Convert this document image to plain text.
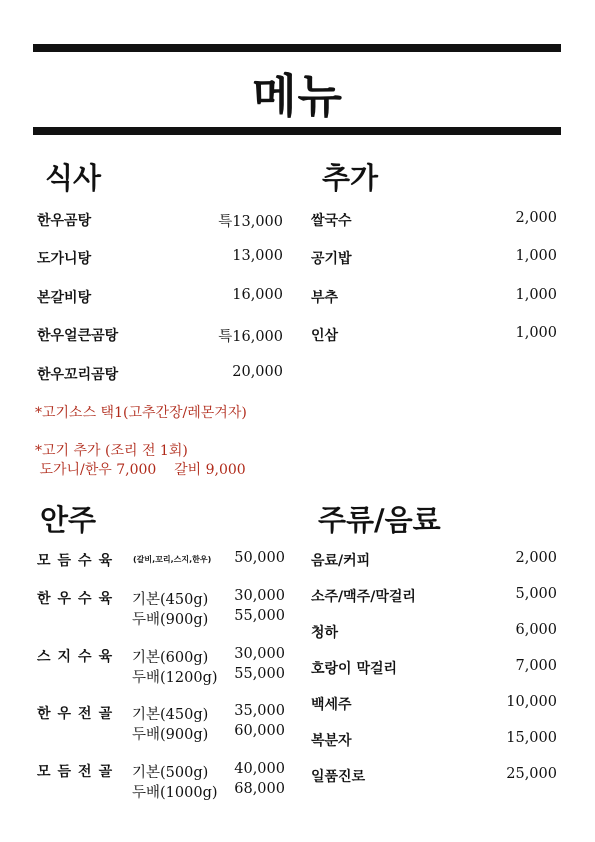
메뉴
식사
한우곰탕	특13,000
도가니탕	13,000
본갈비탕	16,000
한우얼큰곰탕	특16,000
한우꼬리곰탕	20,000
*고기소스 택1(고추간장/레몬겨자)
*고기 추가 (조리 전 1회)
도가니/한우 7,000    갈비 9,000
추가
쌀국수	2,000
공기밥	1,000
부추	1,000
인삼	1,000
안주
모듬수육 (갈비,꼬리,스지,한우) 50,000
한우수육 기본(450g) 30,000
두배(900g) 55,000
스지수육 기본(600g) 30,000
두배(1200g) 55,000
한우전골 기본(450g) 35,000
두배(900g) 60,000
모듬전골 기본(500g) 40,000
두배(1000g) 68,000
주류/음료
음료/커피	2,000
소주/맥주/막걸리	5,000
청하	6,000
호랑이 막걸리	7,000
백세주	10,000
복분자	15,000
일품진로	25,000
